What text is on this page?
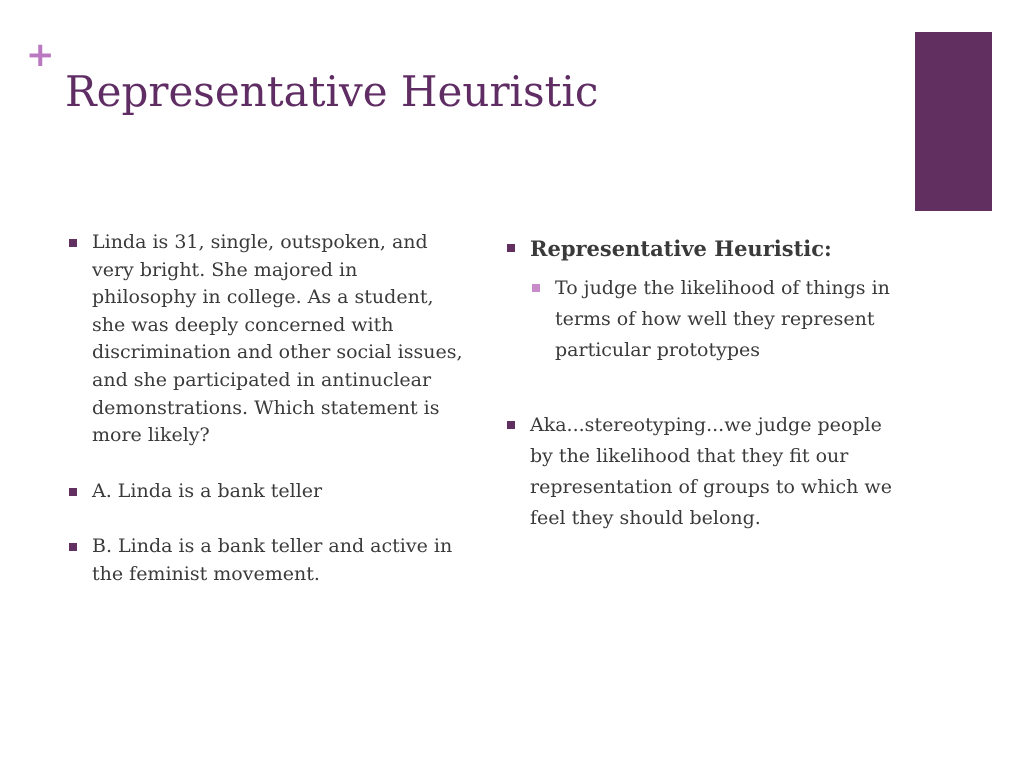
+
Representative Heuristic
Linda is 31, single, outspoken, and very bright. She majored in philosophy in college. As a student, she was deeply concerned with discrimination and other social issues, and she participated in antinuclear demonstrations. Which statement is more likely?
A. Linda is a bank teller
B. Linda is a bank teller and active in the feminist movement.
Representative Heuristic:
To judge the likelihood of things in terms of how well they represent particular prototypes
Aka...stereotyping...we judge people by the likelihood that they fit our representation of groups to which we feel they should belong.
